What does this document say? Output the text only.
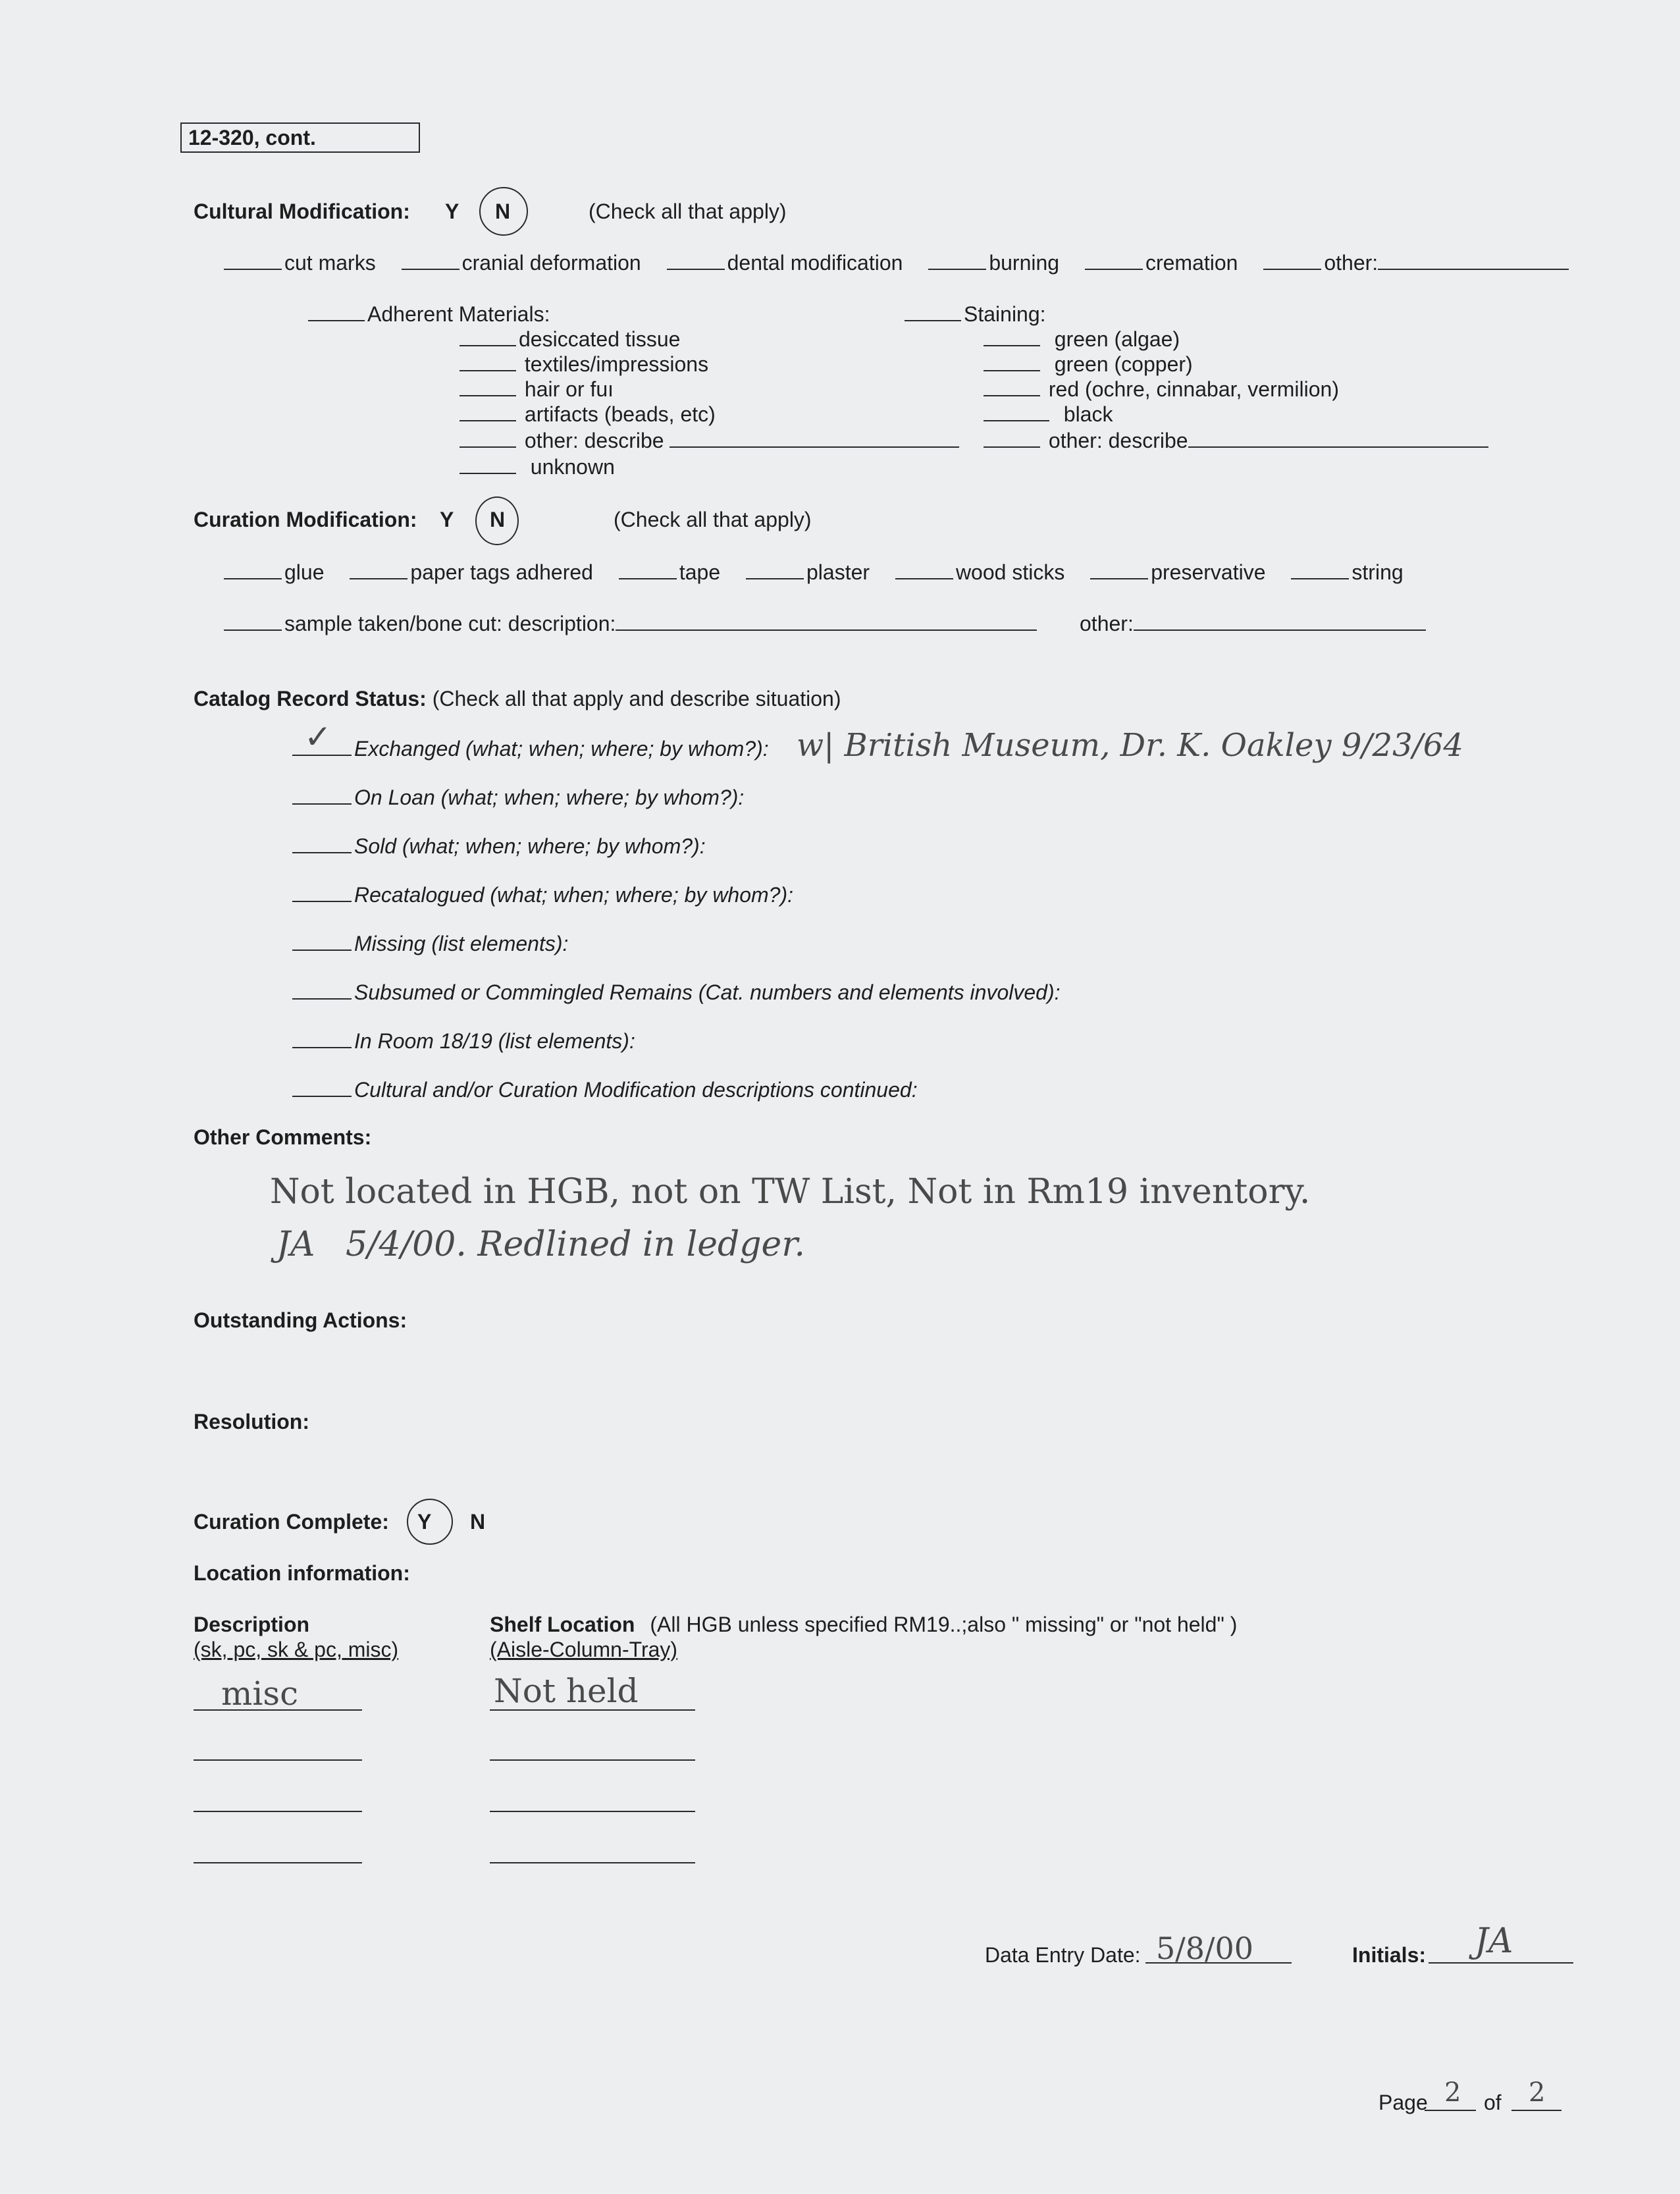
12-320, cont.
Cultural Modification: Y N	(Check all that apply)
cut marks	cranial deformation	dental modification	burning	cremation	other:
Adherent Materials:
desiccated tissue
textiles/impressions
hair or fuı
artifacts (beads, etc)
other: describe
unknown
Staining:
green (algae)
green (copper)
red (ochre, cinnabar, vermilion)
black
other: describe
Curation Modification: Y N	(Check all that apply)
glue	paper tags adhered	tape	plaster	wood sticks	preservative	string
sample taken/bone cut: description:	other:
Catalog Record Status: (Check all that apply and describe situation)
Exchanged (what; when; where; by whom?):
✓	w| British Museum, Dr. K. Oakley 9/23/64
On Loan (what; when; where; by whom?):
Sold (what; when; where; by whom?):
Recatalogued (what; when; where; by whom?):
Missing (list elements):
Subsumed or Commingled Remains (Cat. numbers and elements involved):
In Room 18/19 (list elements):
Cultural and/or Curation Modification descriptions continued:
Other Comments:
Not located in HGB, not on TW List, Not in Rm19 inventory.
JA 5/4/00. Redlined in ledger.
Outstanding Actions:
Resolution:
Curation Complete: Y N
Location information:
Description
(sk, pc, sk & pc, misc)
Shelf Location (All HGB unless specified RM19..;also " missing" or "not held" )
(Aisle-Column-Tray)
misc	Not held
Data Entry Date: 5/8/00	Initials: JA
Page 2 of 2
